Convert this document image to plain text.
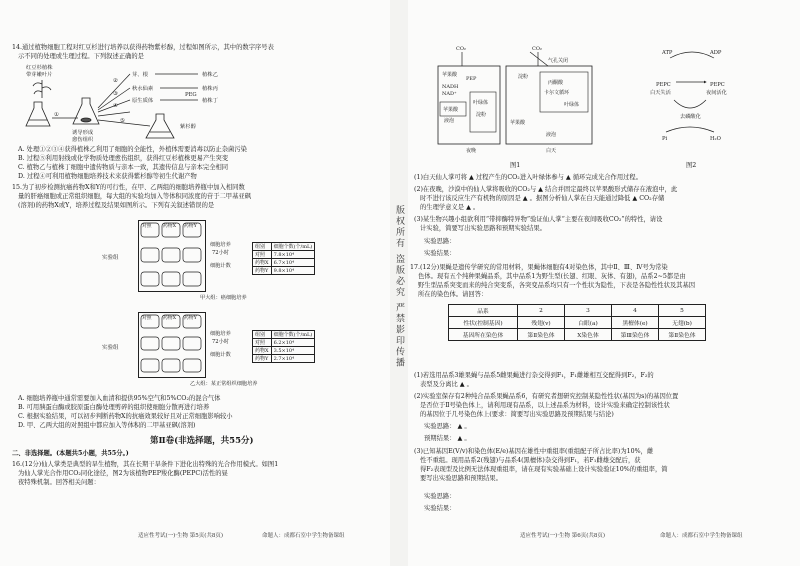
版权所有 盗版必究 严禁影印传播
14.通过植物细胞工程对红豆杉进行培养以获得药物紫杉醇，过程如图所示，其中的数字序号表
示不同的处理或生理过程。下列叙述正确的是
红豆杉植株
带芽嫩叶片
①
诱导形成
愈伤组织
②
③
④
⑤
芽、根
秋水仙素
原生质体
PEG
植株乙
植株丙
植株丁
紫杉醇
A. 处理①②③④获得植株乙利用了细胞的全能性，外植体需要消毒以防止杂菌污染
B. 过程⑤利用射线或化学物质处理愈伤组织，获得红豆杉植株更易产生突变
C. 植物乙与植株丁细胞中遗传物质与亲本一致，其遗传信息与亲本完全相同
D. 过程④可利用植物细胞培养技术来获得紫杉醇等初生代谢产物
15.为了初步检测抗癌药物X和Y的可行性，在甲、乙两组的细胞培养瓶中加入相同数
量的肝癌细胞或正常组织细胞，每大组的实验均加入等体积同浓度的苷于二甲基亚砜
(溶剂)的药物X或Y，培养过程及结果如图所示。下列有关叙述错误的是
实验组
对照 药物X 药物Y
细胞培养
72小时
细胞计数
组别	细胞个数(个/mL)
对照	7.8×10⁴
药物X	6.7×10⁴
药物Y	9.8×10⁴
甲大组：癌细胞培养
实验组
对照 药物X 药物Y
细胞培养
72小时
细胞计数
组别	细胞个数(个/mL)
对照	6.2×10⁴
药物X	3.5×10⁴
药物Y	2.7×10⁴
乙大组：某正常组织细胞培养
A. 细胞培养瓶中通常需要加入血清和提供95%空气和5%CO₂的混合气体
B. 可用胰蛋白酶或胶原蛋白酶处理剪碎的组织使细胞分散再进行培养
C. 根据实验结果，可以初步判断药物X的抗癌效果较好且对正常细胞影响较小
D. 甲、乙两大组的对照组中都应加入等体积的二甲基亚砜(溶剂)
第Ⅱ卷(非选择题，共55分)
二、非选择题。(本题共5小题，共55分。)
16.(12分)仙人掌类是典型的旱生植物，其在长期干旱条件下进化出特殊的光合作用模式。如图1
为仙人掌光合作用CO₂同化途径，图2为该植物PEP羧化酶(PEPC)活性的昼
夜特殊机制。回答相关问题：
适应性考试(一)·生物 第5页(共8页)	命题人：成都石室中学生物备课组
CO₂	CO₂
气孔关闭
苹果酸
NADH
NAD⁺
苹果酸
液泡
叶绿体
淀粉
PEP	淀粉
叶绿体
丙酮酸
卡尔文循环
苹果酸
液泡
夜晚	白天
图1
ATP	ADP
PEPC
白天失活
PEPC
夜间活化
去磷酸化
Pi	H₂O
图2
(1)白天仙人掌可将 ▲ 过程产生的CO₂进入叶绿体参与 ▲ 循环完成光合作用过程。
(2)在夜晚，沙漠中的仙人掌将吸收的CO₂与 ▲ 结合并固定最终以苹果酸形式储存在液泡中，此
时不进行该反应生产有机物的原因是 ▲ 。据图分析仙人掌在白天能通过降低 ▲ CO₂存储
的生理学意义是 ▲ 。
(3)某生物兴趣小组欲利用“带抑酶特异物”验证仙人掌“主要在夜间吸收CO₂”的特性，请设
计实验，简要写出实验思路和预期实验结果。
实验思路：
实验结果：
17.(12分)果蝇是遗传学研究的常用材料，果蝇体细胞有4对染色体，其中Ⅱ、Ⅲ、Ⅳ号为常染
色体。现有五个纯种果蝇品系，其中品系1为野生型(长翅、红眼、灰体、有翅)，品系2~5都是由
野生型品系突变而来的纯合突变系，各突变品系均只有一个性状为隐性，下表是各隐性性状及其基因
所在的染色体。请回答：
品系	2	3	4	5
性状(控制基因)	残翅(v)	白眼(a)	黑檀体(e)	无翅(b)
基因所在染色体	第Ⅱ染色体	X染色体	第Ⅲ染色体	第Ⅱ染色体
(1)若选用品系3雄果蝇与品系5雌果蝇进行杂交得到F₁，F₁雌雄相互交配得到F₂，F₂的
表型及分离比 ▲ 。
(2)实验室保存有2种纯合品系果蝇品系6，有研究者想研究控制某隐性性状(基因为s)的基因位置
是否位于Ⅱ号染色体上，请利用现有品系，以上述品系为材料，设计实验来确定控制该性状
的基因位于几号染色体上(要求：简要写出实验思路及预期结果与结论)
实验思路： ▲ 。
预期结果： ▲ 。
(3)已知基因E(V/v)和染色体(E/e)基因在雄性中重组率(重组配子所占比率)为10%，雌
性不重组。现用品系2(残翅)与品系4(黑檀体)杂交得到F₁，若F₁雌雄交配后，获
得F₂表现型及比例无法体现重组率，请在现有实验基础上设计实验验证10%的重组率，简
要写出实验思路和预期结果。
实验思路：
实验结果：
适应性考试(一)·生物 第6页(共8页)	命题人：成都石室中学生物备课组
